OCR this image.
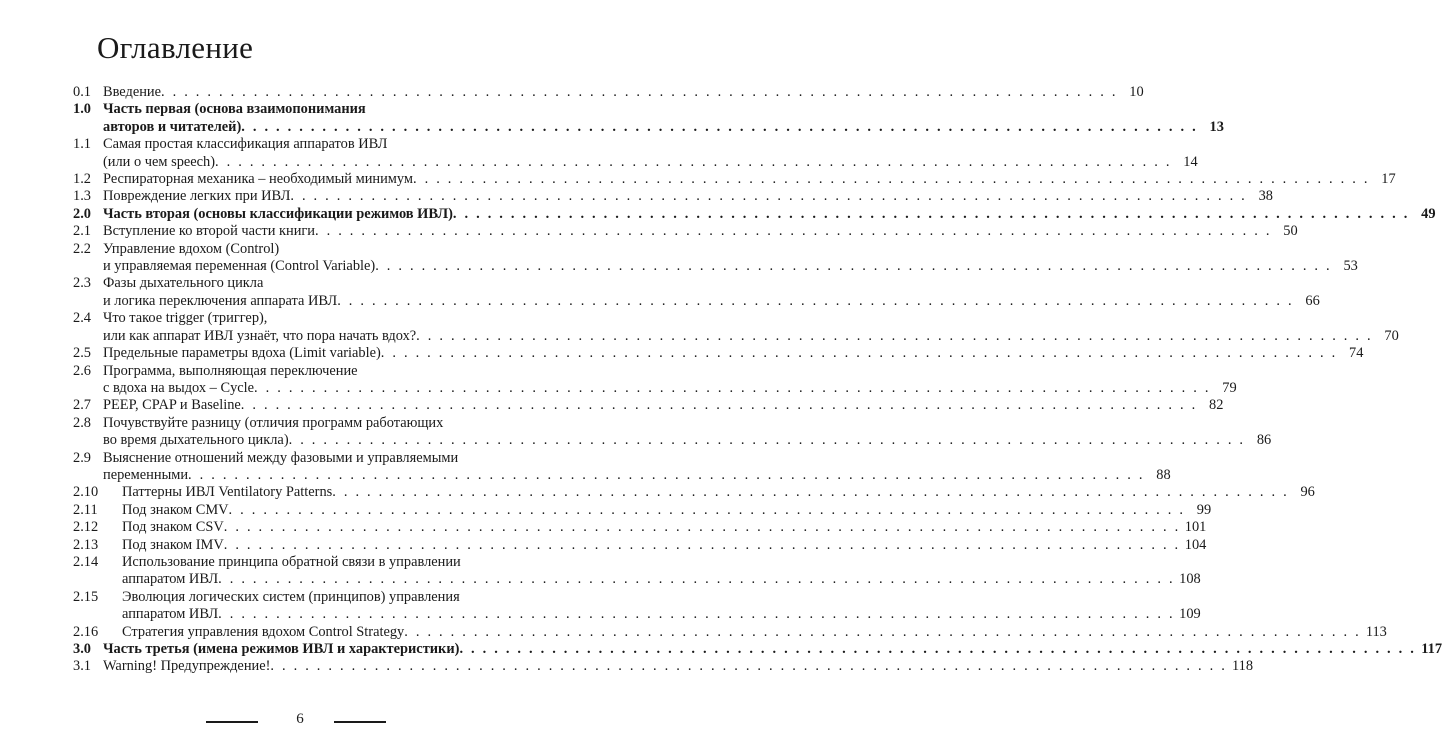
Оглавление
0.1 Введение . . .	10
1.0 Часть первая (основа взаимопонимания
авторов и читателей) . . .	13
1.1 Самая простая классификация аппаратов ИВЛ
(или о чем speech) . . .	14
1.2 Респираторная механика – необходимый минимум . . .	17
1.3 Повреждение легких при ИВЛ . . .	38
2.0 Часть вторая (основы классификации режимов ИВЛ) . . .	49
2.1 Вступление ко второй части книги . . .	50
2.2 Управление вдохом (Control)
и управляемая переменная (Control Variable) . . .	53
2.3 Фазы дыхательного цикла
и логика переключения аппарата ИВЛ . . .	66
2.4 Что такое trigger (триггер),
или как аппарат ИВЛ узнаёт, что пора начать вдох? . . .	70
2.5 Предельные параметры вдоха (Limit variable) . . .	74
2.6 Программа, выполняющая переключение
с вдоха на выдох – Cycle . . .	79
2.7 PEEP, CPAP и Baseline . . .	82
2.8 Почувствуйте разницу (отличия программ работающих
во время дыхательного цикла) . . .	86
2.9 Выяснение отношений между фазовыми и управляемыми
переменными . . .	88
2.10	Паттерны ИВЛ Ventilatory Patterns . . .	96
2.11	Под знаком CMV . . .	99
2.12	Под знаком CSV . . .	101
2.13	Под знаком IMV . . .	104
2.14	Использование принципа обратной связи в управлении
аппаратом ИВЛ . . .	108
2.15	Эволюция логических систем (принципов) управления
аппаратом ИВЛ . . .	109
2.16	Стратегия управления вдохом Control Strategy . . .	113
3.0 Часть третья (имена режимов ИВЛ и характеристики) . . .	117
3.1 Warning! Предупреждение! . . .	118
6
